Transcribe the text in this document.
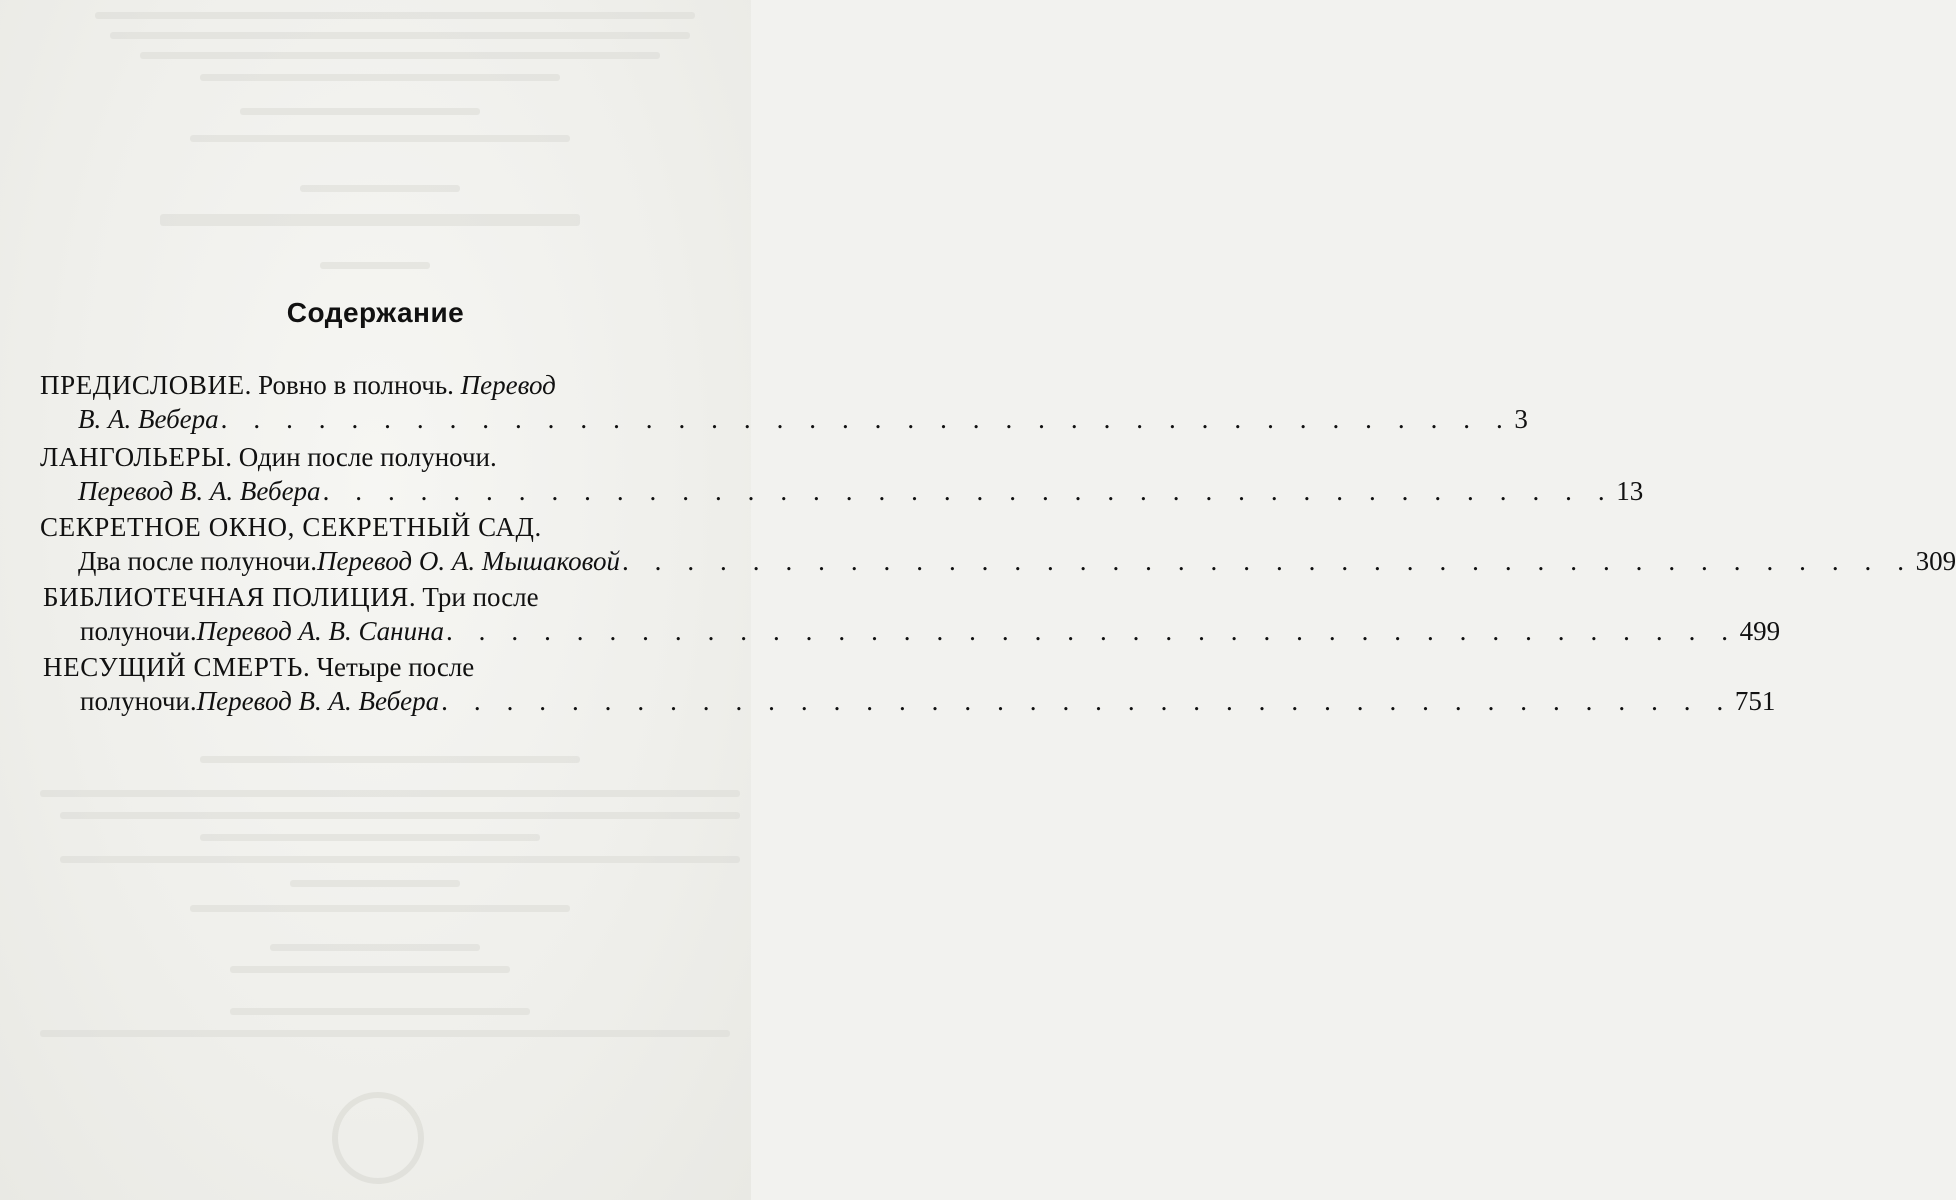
Содержание
ПРЕДИСЛОВИЕ. Ровно в полночь. Перевод
В. А. Вебера . . . . . . . . . . . . . . . . . . . . . . . . . . . . . . . . . . . . . . . . 3
ЛАНГОЛЬЕРЫ. Один после полуночи.
Перевод В. А. Вебера . . . . . . . . . . . . . . . . . . . . . . . . . . . . . . . . . . . . . . . . 13
СЕКРЕТНОЕ ОКНО, СЕКРЕТНЫЙ САД.
Два после полуночи. Перевод О. А. Мышаковой . . . . . . . . . . . . . . . . . . . . . . . . . . . . . . . . . . . . . . . . 309
БИБЛИОТЕЧНАЯ ПОЛИЦИЯ. Три после
полуночи. Перевод А. В. Санина . . . . . . . . . . . . . . . . . . . . . . . . . . . . . . . . . . . . . . . . 499
НЕСУЩИЙ СМЕРТЬ. Четыре после
полуночи. Перевод В. А. Вебера . . . . . . . . . . . . . . . . . . . . . . . . . . . . . . . . . . . . . . . . 751
